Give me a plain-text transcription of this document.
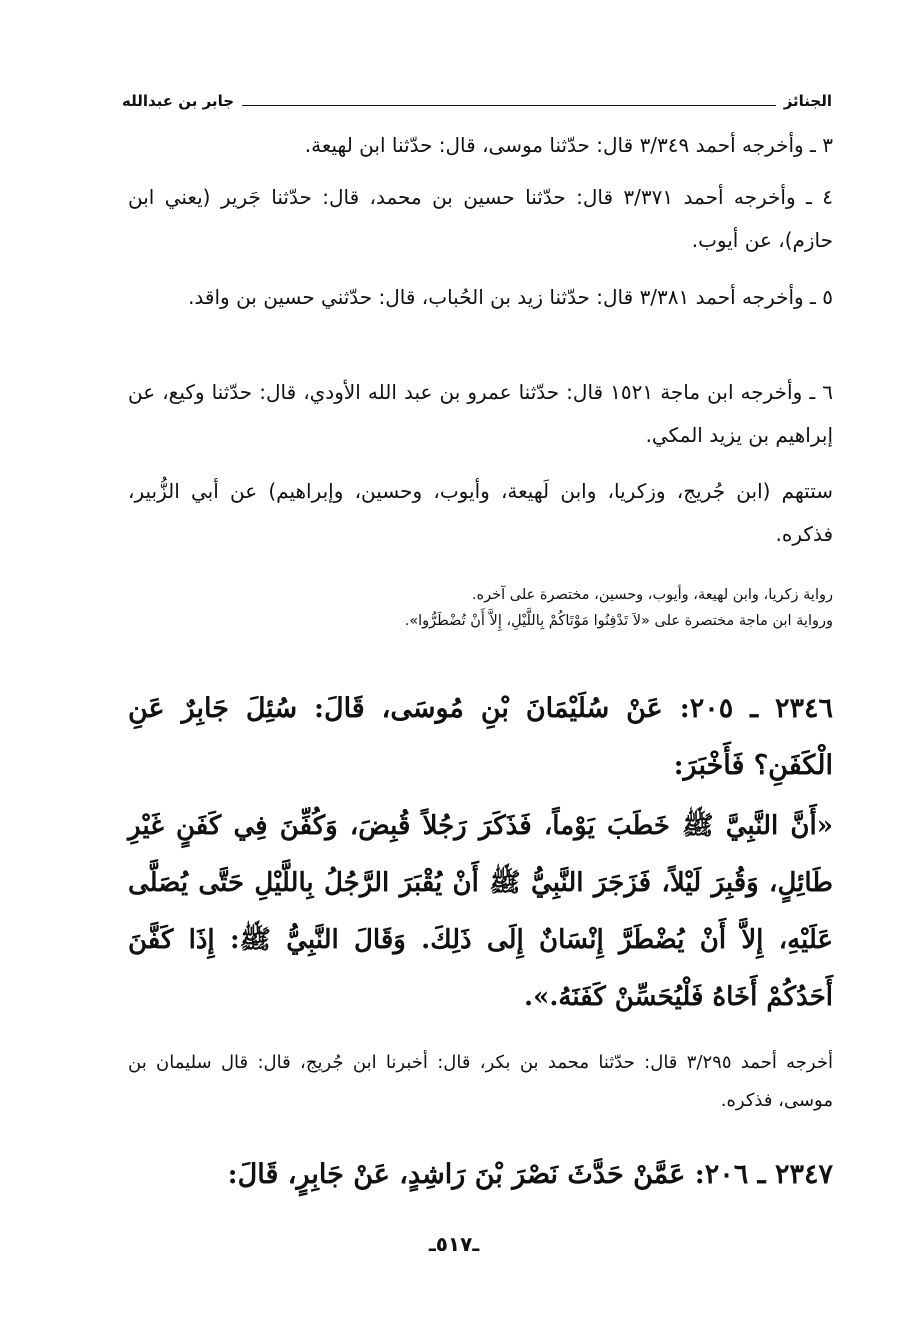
الجنائز
جابر بن عبدالله
٣ ـ وأخرجه أحمد ٣/٣٤٩ قال: حدّثنا موسى، قال: حدّثنا ابن لهيعة.
٤ ـ وأخرجه أحمد ٣/٣٧١ قال: حدّثنا حسين بن محمد، قال: حدّثنا جَرير (يعني ابن حازم)، عن أيوب.
٥ ـ وأخرجه أحمد ٣/٣٨١ قال: حدّثنا زيد بن الحُباب، قال: حدّثني حسين بن واقد.
٦ ـ وأخرجه ابن ماجة ١٥٢١ قال: حدّثنا عمرو بن عبد الله الأودي، قال: حدّثنا وكيع، عن إبراهيم بن يزيد المكي.
ستتهم (ابن جُريج، وزكريا، وابن لَهيعة، وأيوب، وحسين، وإبراهيم) عن أبي الزُّبير، فذكره.
رواية زكريا، وابن لهيعة، وأيوب، وحسين، مختصرة على آخره.
ورواية ابن ماجة مختصرة على «لاَ تَدْفِنُوا مَوْتَاكُمْ بِاللَّيْلِ، إِلاَّ أَنْ تُضْطَرُّوا».
٢٣٤٦ ـ ٢٠٥: عَنْ سُلَيْمَانَ بْنِ مُوسَى، قَالَ: سُئِلَ جَابِرٌ عَنِ الْكَفَنِ؟ فَأَخْبَرَ:
«أَنَّ النَّبِيَّ ﷺ خَطَبَ يَوْماً، فَذَكَرَ رَجُلاً قُبِضَ، وَكُفِّنَ فِي كَفَنٍ غَيْرِ طَائِلٍ، وَقُبِرَ لَيْلاً، فَزَجَرَ النَّبِيُّ ﷺ أَنْ يُقْبَرَ الرَّجُلُ بِاللَّيْلِ حَتَّى يُصَلَّى عَلَيْهِ، إِلاَّ أَنْ يُضْطَرَّ إِنْسَانٌ إِلَى ذَلِكَ. وَقَالَ النَّبِيُّ ﷺ: إِذَا كَفَّنَ أَحَدُكُمْ أَخَاهُ فَلْيُحَسِّنْ كَفَنَهُ.».
أخرجه أحمد ٣/٢٩٥ قال: حدّثنا محمد بن بكر، قال: أخبرنا ابن جُريج، قال: قال سليمان بن موسى، فذكره.
٢٣٤٧ ـ ٢٠٦: عَمَّنْ حَدَّثَ نَصْرَ بْنَ رَاشِدٍ، عَنْ جَابِرٍ، قَالَ:
ـ٥١٧ـ
